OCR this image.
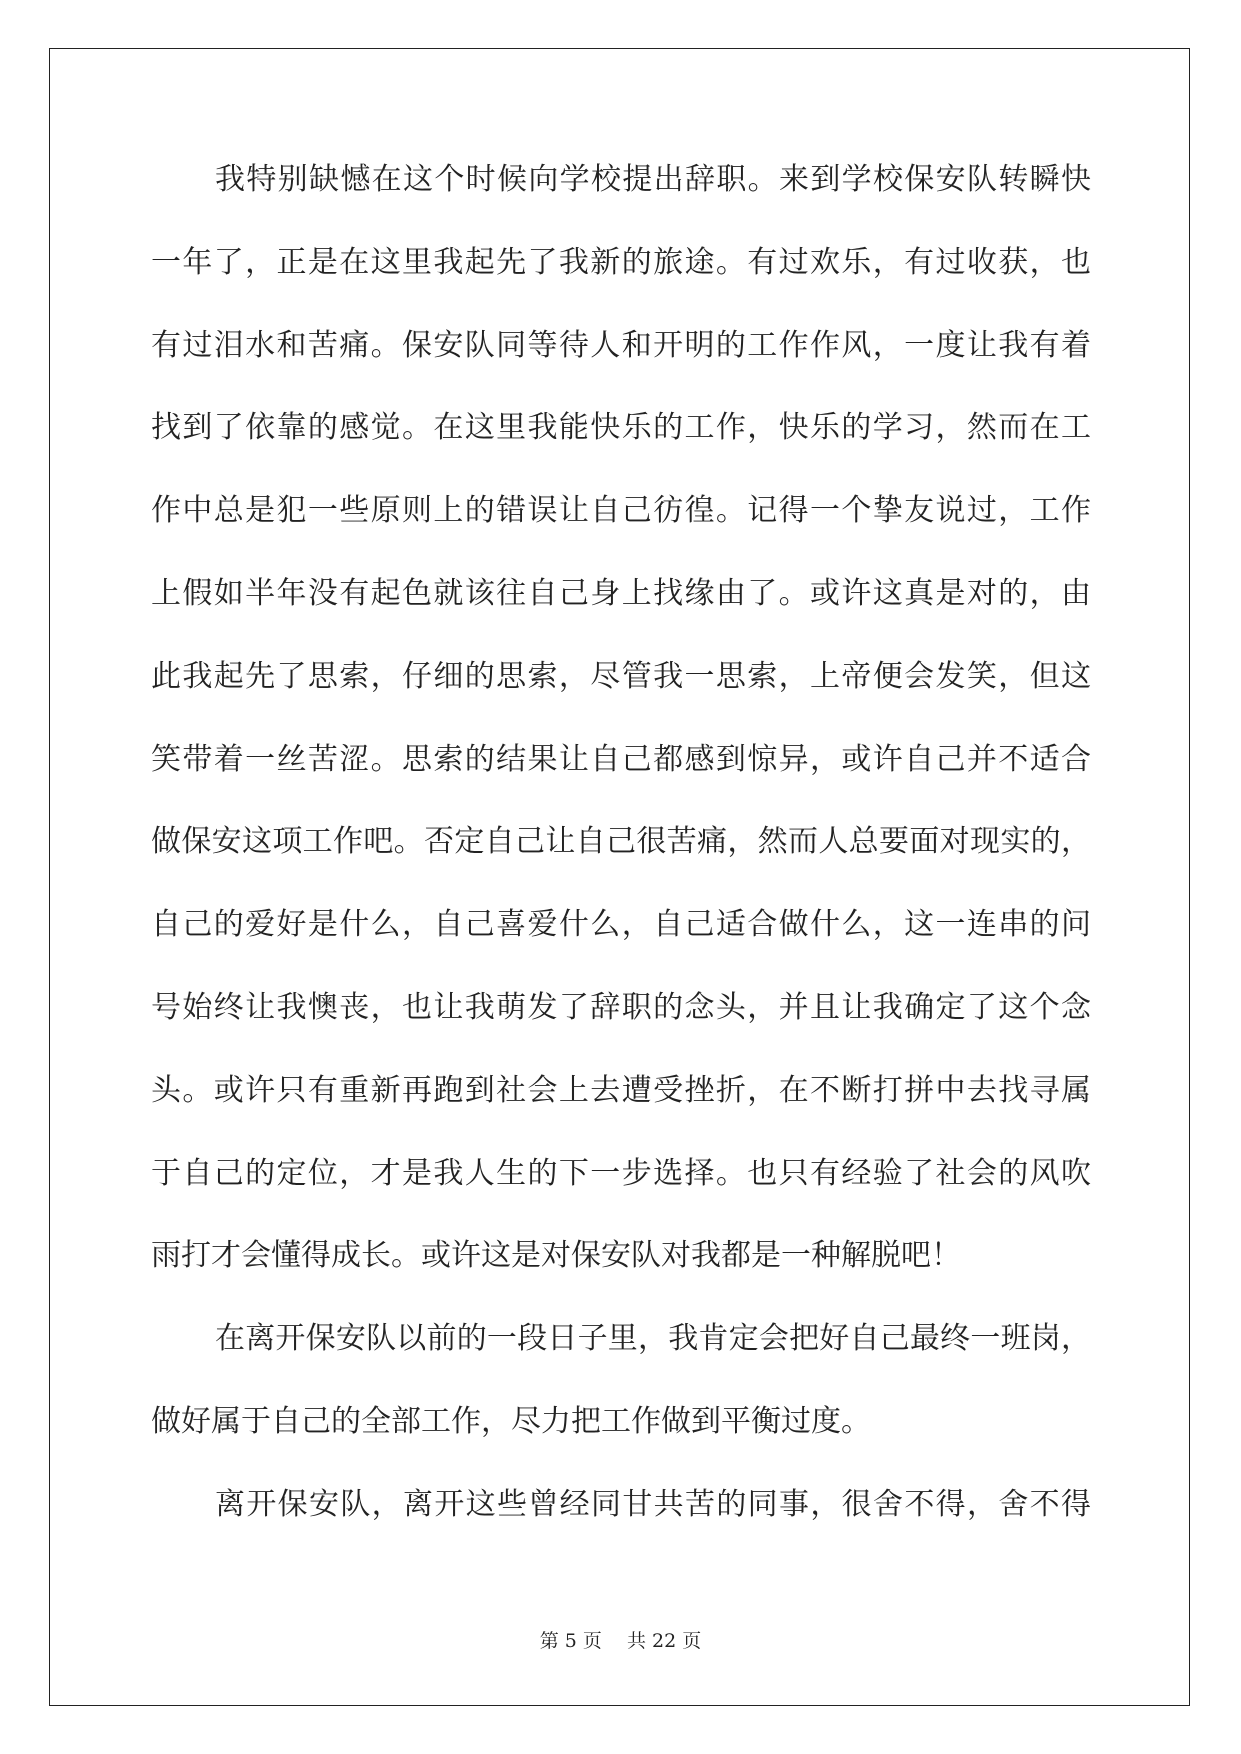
我特别缺憾在这个时候向学校提出辞职。来到学校保安队转瞬快
一年了，正是在这里我起先了我新的旅途。有过欢乐，有过收获，也
有过泪水和苦痛。保安队同等待人和开明的工作作风，一度让我有着
找到了依靠的感觉。在这里我能快乐的工作，快乐的学习，然而在工
作中总是犯一些原则上的错误让自己彷徨。记得一个挚友说过，工作
上假如半年没有起色就该往自己身上找缘由了。或许这真是对的，由
此我起先了思索，仔细的思索，尽管我一思索，上帝便会发笑，但这
笑带着一丝苦涩。思索的结果让自己都感到惊异，或许自己并不适合
做保安这项工作吧。否定自己让自己很苦痛，然而人总要面对现实的，
自己的爱好是什么，自己喜爱什么，自己适合做什么，这一连串的问
号始终让我懊丧，也让我萌发了辞职的念头，并且让我确定了这个念
头。或许只有重新再跑到社会上去遭受挫折，在不断打拼中去找寻属
于自己的定位，才是我人生的下一步选择。也只有经验了社会的风吹
雨打才会懂得成长。或许这是对保安队对我都是一种解脱吧！
在离开保安队以前的一段日子里，我肯定会把好自己最终一班岗，
做好属于自己的全部工作，尽力把工作做到平衡过度。
离开保安队，离开这些曾经同甘共苦的同事，很舍不得，舍不得
第 5 页　 共 22 页
